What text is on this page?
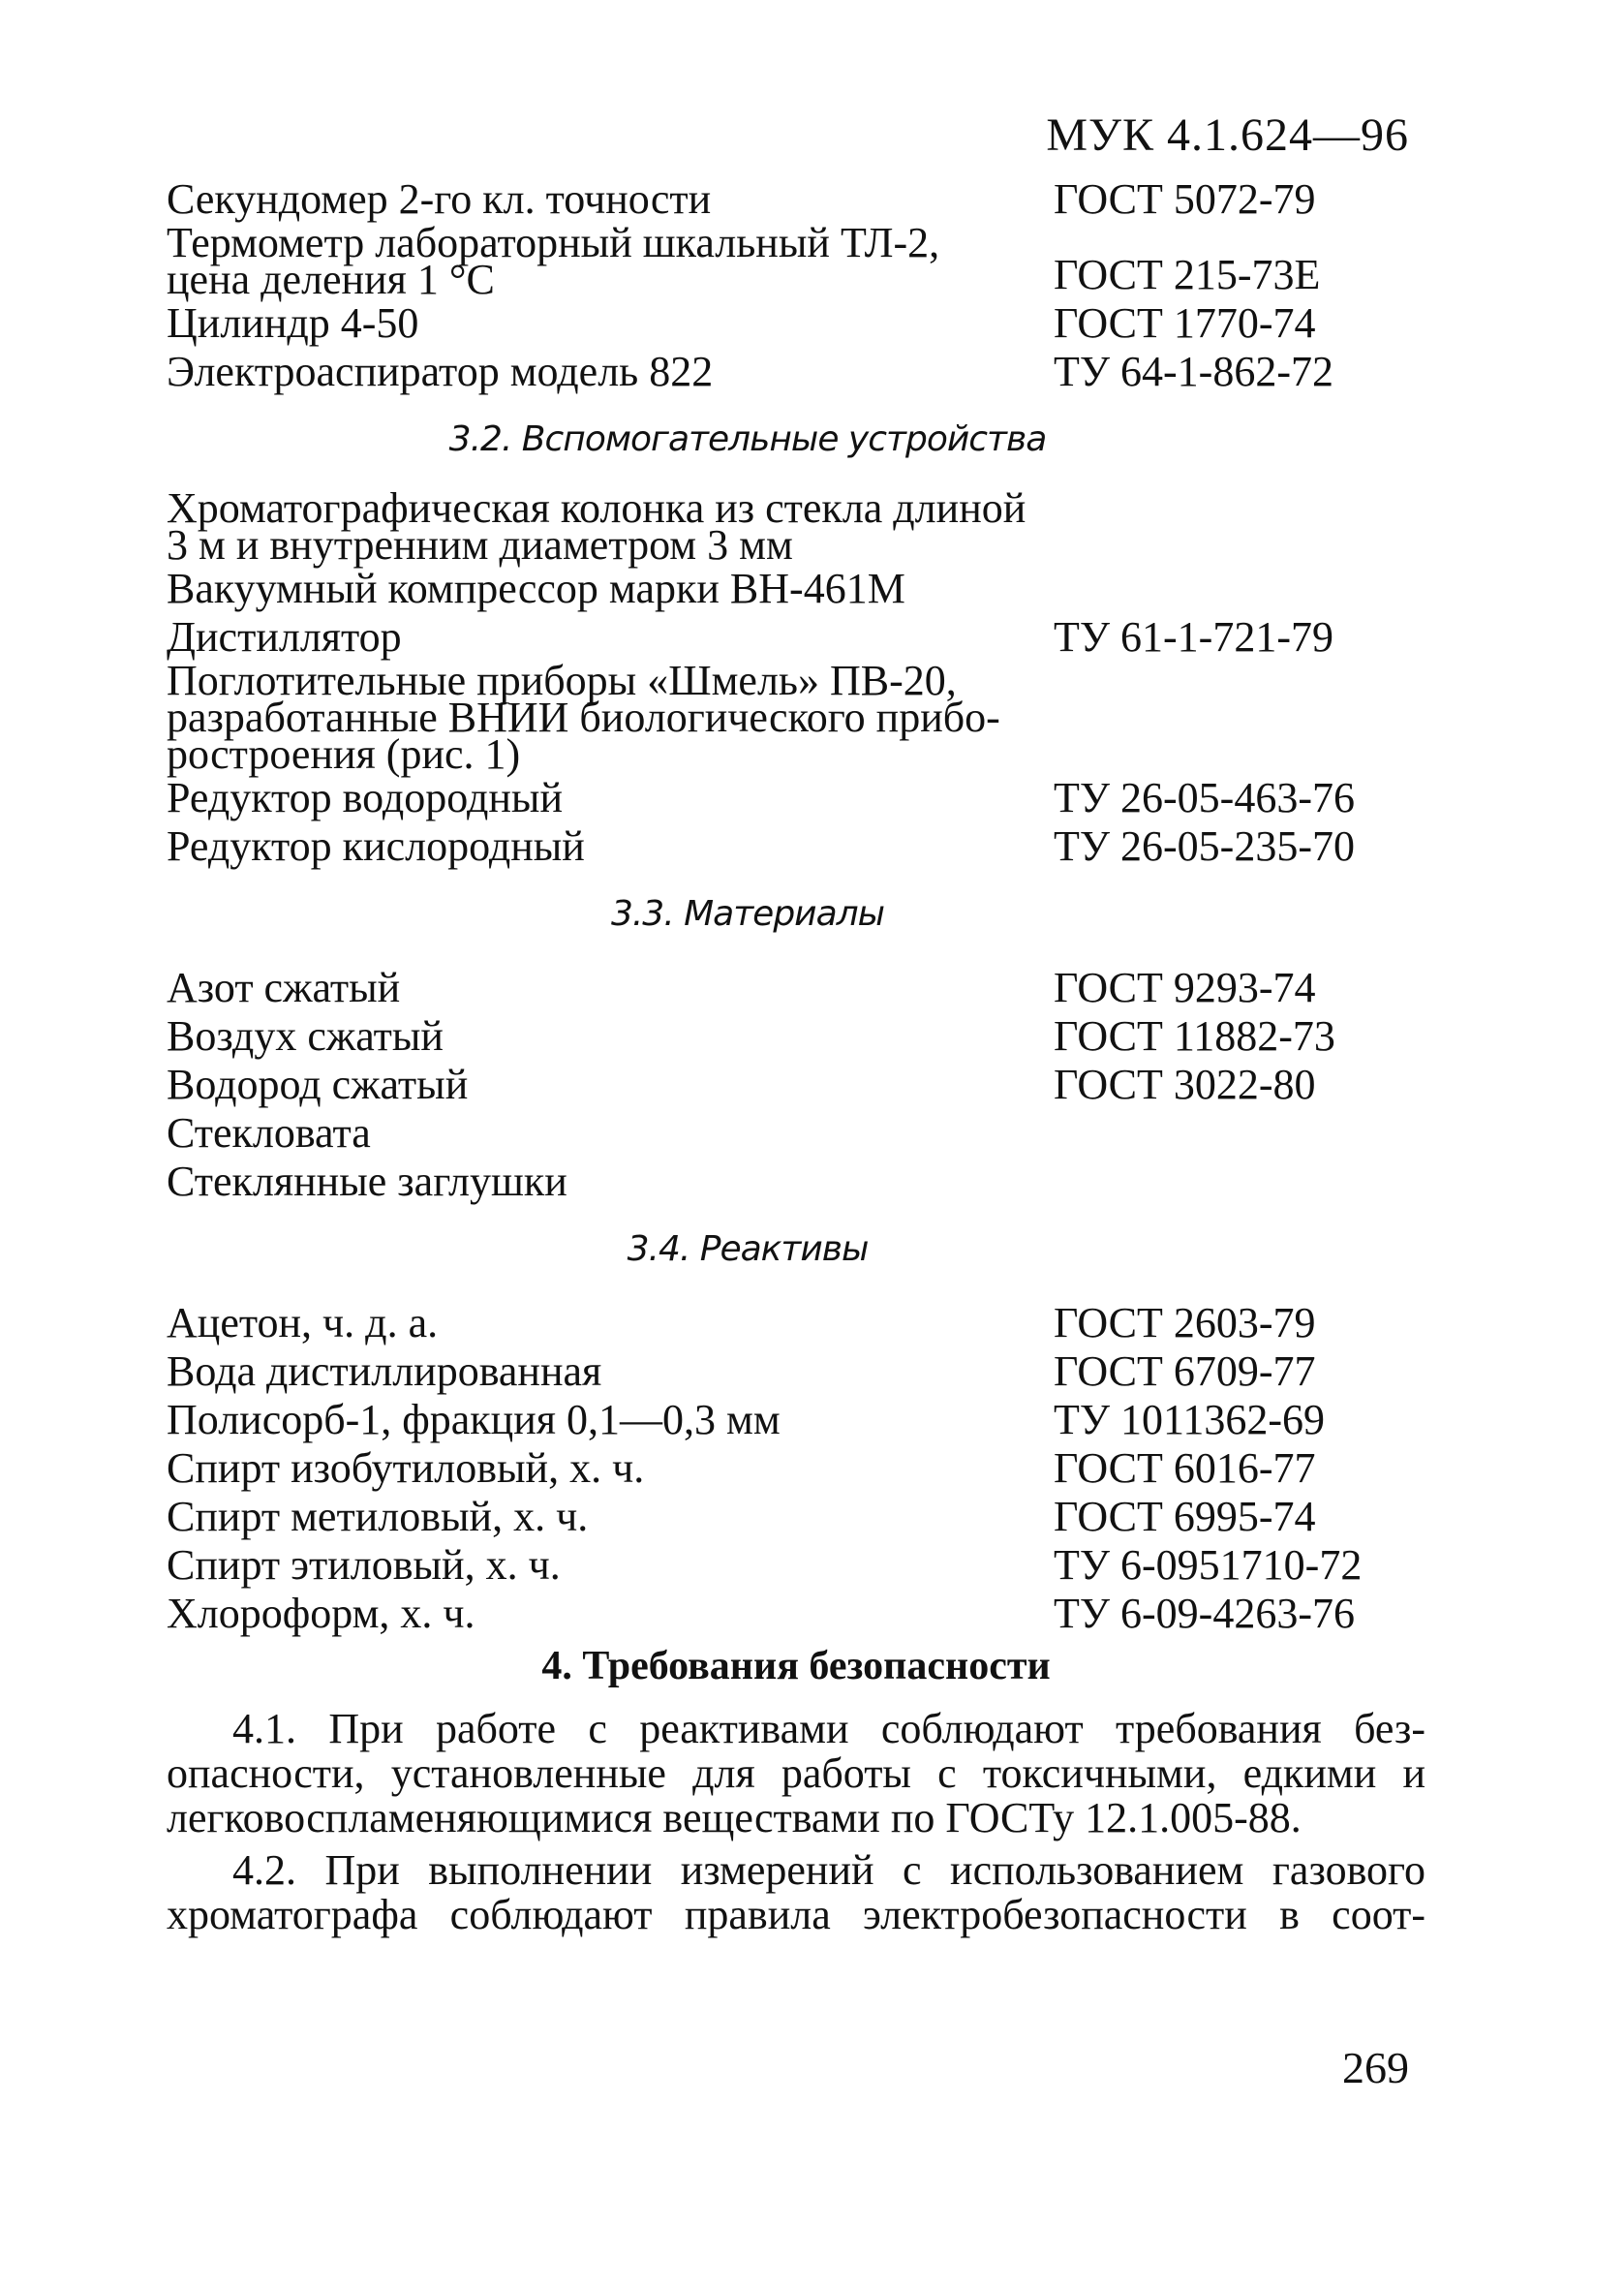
МУК 4.1.624—96
Секундомер 2-го кл. точности	ГОСТ 5072-79
Термометр лабораторный шкальный ТЛ-2,
цена деления 1 °С	ГОСТ 215-73Е
Цилиндр 4-50	ГОСТ 1770-74
Электроаспиратор модель 822	ТУ 64-1-862-72
3.2. Вспомогательные устройства
Хроматографическая колонка из стекла длиной
3 м и внутренним диаметром 3 мм
Вакуумный компрессор марки ВН-461М
Дистиллятор	ТУ 61-1-721-79
Поглотительные приборы «Шмель» ПВ-20,
разработанные ВНИИ биологического прибо-
ростроения (рис. 1)
Редуктор водородный	ТУ 26-05-463-76
Редуктор кислородный	ТУ 26-05-235-70
3.3. Материалы
Азот сжатый	ГОСТ 9293-74
Воздух сжатый	ГОСТ 11882-73
Водород сжатый	ГОСТ 3022-80
Стекловата
Стеклянные заглушки
3.4. Реактивы
Ацетон, ч. д. а.	ГОСТ 2603-79
Вода дистиллированная	ГОСТ 6709-77
Полисорб-1, фракция 0,1—0,3 мм	ТУ 1011362-69
Спирт изобутиловый, х. ч.	ГОСТ 6016-77
Спирт метиловый, х. ч.	ГОСТ 6995-74
Спирт этиловый, х. ч.	ТУ 6-0951710-72
Хлороформ, х. ч.	ТУ 6-09-4263-76
4. Требования безопасности
4.1. При работе с реактивами соблюдают требования без-
опасности, установленные для работы с токсичными, едкими и
легковоспламеняющимися веществами по ГОСТу 12.1.005-88.
4.2. При выполнении измерений с использованием газового
хроматографа соблюдают правила электробезопасности в соот-
269
